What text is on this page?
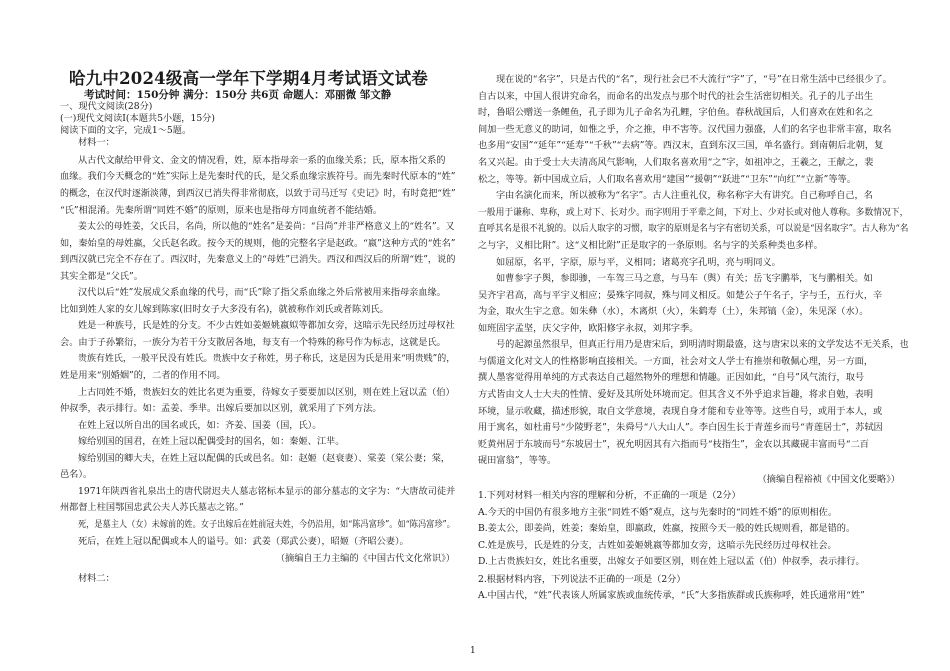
哈九中2024级高一学年下学期4月考试语文试卷
考试时间：150分钟 满分：150分 共6页 命题人：邓丽微 邹文静
一、现代文阅读(28分)
(一)现代文阅读Ⅰ(本题共5小题，15分)
阅读下面的文字，完成1～5题。
材料一：
从古代文献给甲骨文、金文的情况看，姓，原本指母亲一系的血缘关系；氏，原本指父系的
血缘。我们今天概念的“姓”实际上是先秦时代的氏，是父系血缘宗族符号。而先秦时代原本的“姓”
的概念，在汉代时逐渐淡薄，到西汉已消失得非常彻底，以致于司马迁写《史记》时，有时竟把“姓”
“氏”相混淆。先秦所谓“同姓不婚”的原则，原来也是指母方同血统者不能结婚。
姜太公的母姓姜，父氏吕，名尚，所以他的“姓名”是姜尚：“吕尚”并非严格意义上的“姓名”。又
如，秦始皇的母姓嬴，父氏赵名政。按今天的规则，他的完整名字是赵政。“嬴”这种方式的“姓名”
到西汉就已完全不存在了。西汉时，先秦意义上的“母姓”已消失。西汉和西汉后的所谓“姓”，说的
其实全都是“父氏”。
汉代以后“姓”发展成父系血缘的代号，而“氏”除了指父系血缘之外后常被用来指母亲血缘。
比如到姓人家的女儿嫁到陈家(旧时女子大多没有名)，就被称作刘氏或者陈刘氏。
姓是一种族号，氏是姓的分支。不少古姓如姜姬姚嬴姒等都加女旁，这暗示先民经历过母权社
会。由于子孙繁衍，一族分为若干分支散居各地，每支有一个特殊的称号作为标志，这就是氏。
贵族有姓氏，一般平民没有姓氏。贵族中女子称姓，男子称氏，这是因为氏是用来“明贵贱”的，
姓是用来“别婚姻”的，二者的作用不同。
上古同姓不婚，贵族妇女的姓比名更为重要，待嫁女子要要加以区别，则在姓上冠以孟（伯）
仲叔季，表示排行。如：孟姜、季芈。出嫁后要加以区别，就采用了下列方法。
在姓上冠以所自出的国名或氏，如：齐姜、国姜（国，氏）。
嫁给别国的国君，在姓上冠以配偶受封的国名，如：秦姬、江芈。
嫁给别国的卿大夫，在姓上冠以配偶的氏或邑名。如：赵姬（赵衰妻）、棠姜（棠公妻；棠，
邑名）。
1971年陕西省礼泉出土的唐代尉迟夫人墓志铭标本显示的部分墓志的文字为：“大唐故司徒并
州都督上柱国鄂国忠武公夫人苏氏墓志之铭。”
死，是墓主人（女）未嫁前的姓。女子出嫁后在姓前冠夫姓，今仍沿用，如“陈冯富珍”。如“陈冯富珍”。
死后，在姓上冠以配偶或本人的谥号。如：武姜（郑武公妻），昭姬（齐昭公妻）。
（摘编自王力主编的《中国古代文化常识》）
材料二：
现在说的“名字”，只是古代的“名”，现行社会已不大流行“字”了，“号”在日常生活中已经很少了。
自古以来，中国人很讲究命名，而命名的出发点与那个时代的社会生活密切相关。孔子的儿子出生
时，鲁昭公赠送一条鲤鱼，孔子即为儿子命名为孔鲤，字伯鱼。春秋战国后，人们喜欢在姓和名之
间加一些无意义的助词，如惟之乎，介之推，申不害等。汉代国力强盛，人们的名字也非常丰富，取名
也多用“安国”“延年”“延寿”“千秋”“去病”等。西汉末，直到东汉三国，单名盛行。到南朝后北朝，复
名又兴起。由于受士大夫清高风气影响，人们取名喜欢用“之”字，如祖冲之，王羲之，王献之，裴
松之，等等。新中国成立后，人们取名喜欢用“建国”“援朝”“跃进”“卫东”“向红”“立新”等等。
字由名演化而来，所以被称为“名字”。古人注重礼仪，称名称字大有讲究。自己称呼自己，名
一般用于谦称、卑称，或上对下、长对少。而字则用于平辈之间，下对上、少对长或对他人尊称。多数情况下，
直呼其名是很不礼貌的。以后人取字的习惯，取字的原则是名与字有密切关系，可以说是“因名取字”。古人称为“名
之与字，义相比附”。这“义相比附”正是取字的一条原则。名与字的关系种类也多样。
如屈原，名平，字原，原与平，义相同；诸葛亮字孔明，亮与明同义。
如曹参字子舆，参即骖，一车驾三马之意，与马车（舆）有关；岳飞字鹏举，飞与鹏相关。如
吴齐宇君高，高与平宇义相应；晏殊字同叔，殊与同义相反。如楚公子午名子，字与壬，五行火，辛
为金，取火生宇之意。如朱彝（水），木离炽（火），朱鹤寿（土），朱邦镐（金），朱见深（水）。
如班固字孟坚，庆父字仲，欧阳修字永叔，刘邦字季。
号的起源虽然很早，但真正行用乃是唐宋后，到明清时期最盛，这与唐宋以来的文学发达不无关系，也
与儒道文化对文人的性格影响直接相关。一方面，社会对文人学士有推崇和敬佩心理，另一方面，
撰人墨客觉得用单纯的方式表达自己超然物外的理想和情趣。正因如此，“自号”风气流行，取号
方式皆由文人士大夫的性情、爱好及其所处环境而定。但其含义不外乎追求旨趣，将求自勉，表明
环境，显示收藏，描述形貌，取自文学意境，表现自身才能和专业等等。这些自号，或用于本人，或
用于寓名，如杜甫号“少陵野老”，朱舜号“八大山人”。李白因生长于青莲乡而号“青莲居士”，苏轼因
贬黄州居于东坡而号“东坡居士”，祝允明因其有六指而号“枝指生”，金农以其藏砚丰富而号“二百
砚田富翁”，等等。
（摘编自程裕祯《中国文化要略》）
1.下列对材料一相关内容的理解和分析，不正确的一项是（2分）
A.今天的中国仍有很多地方主张“同姓不婚”观点，这与先秦时的“同姓不婚”的原则相佐。
B.姜太公，即姜尚，姓姜；秦始皇，即嬴政，姓嬴，按照今天一般的姓氏规则看，都是错的。
C.姓是族号，氏是姓的分支，古姓如姜姬姚嬴等都加女旁，这暗示先民经历过母权社会。
D.上古贵族妇女，姓比名重要，出嫁女子如要区别，则在姓上冠以孟（伯）仲叔季，表示排行。
2.根据材料内容，下列说法不正确的一项是（2分）
A.中国古代，“姓”代表该人所属家族或血统传承，“氏”大多指族群或氏族称呼，姓氏通常用“姓”
1
